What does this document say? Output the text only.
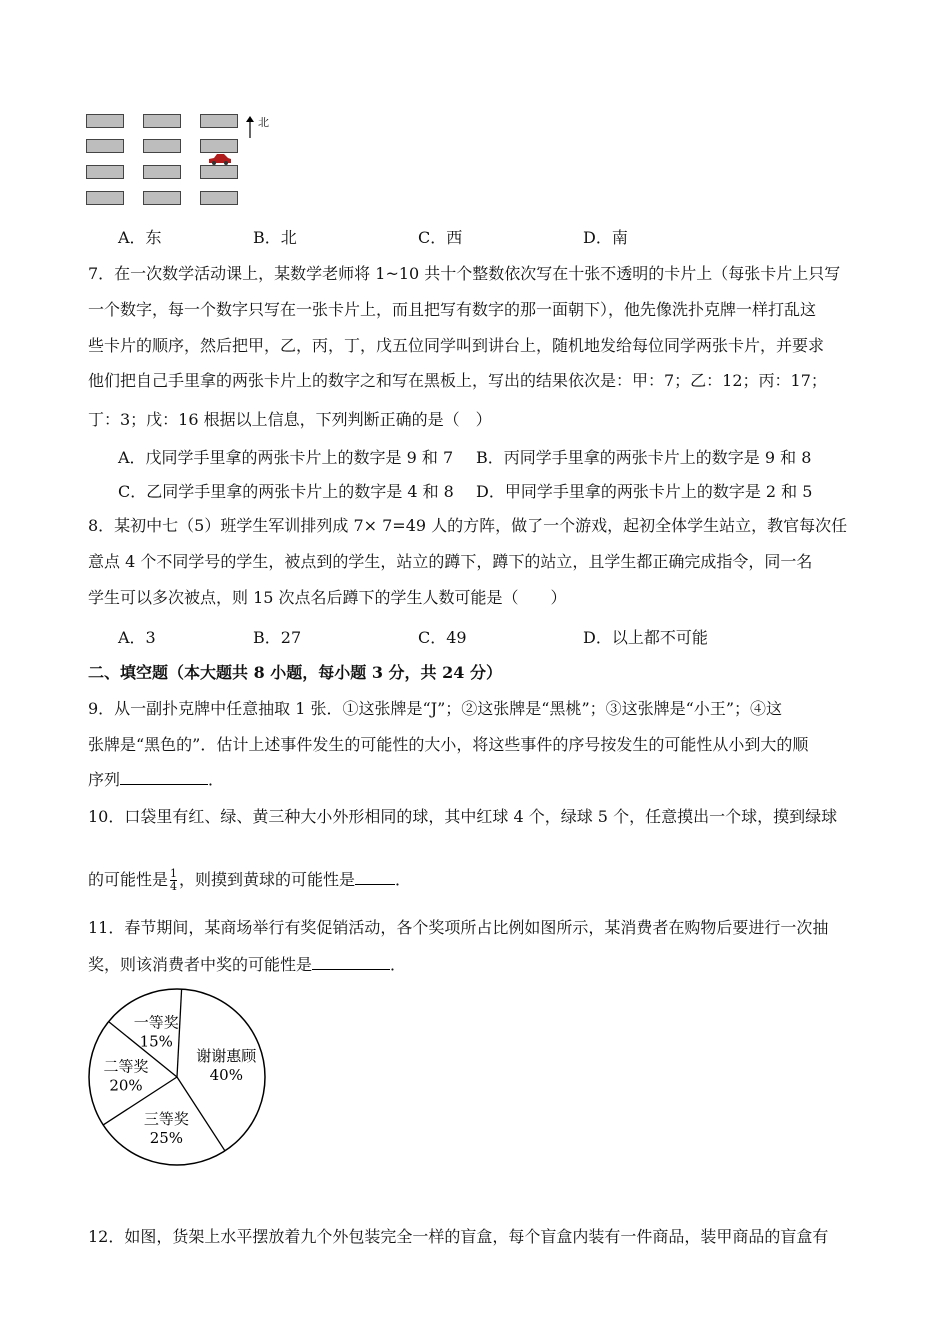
北
A．东	B．北	C．西	D．南
7．在一次数学活动课上，某数学老师将 1~10 共十个整数依次写在十张不透明的卡片上（每张卡片上只写
一个数字，每一个数字只写在一张卡片上，而且把写有数字的那一面朝下），他先像洗扑克牌一样打乱这
些卡片的顺序，然后把甲，乙，丙，丁，戊五位同学叫到讲台上，随机地发给每位同学两张卡片，并要求
他们把自己手里拿的两张卡片上的数字之和写在黑板上，写出的结果依次是：甲：7；乙：12；丙：17；
丁：3；戊：16 根据以上信息，下列判断正确的是（　）
A．戊同学手里拿的两张卡片上的数字是 9 和 7 B．丙同学手里拿的两张卡片上的数字是 9 和 8
C．乙同学手里拿的两张卡片上的数字是 4 和 8 D．甲同学手里拿的两张卡片上的数字是 2 和 5
8．某初中七（5）班学生军训排列成 7× 7=49 人的方阵，做了一个游戏，起初全体学生站立，教官每次任
意点 4 个不同学号的学生，被点到的学生，站立的蹲下，蹲下的站立，且学生都正确完成指令，同一名
学生可以多次被点，则 15 次点名后蹲下的学生人数可能是（　　）
A．3	B．27	C．49	D．以上都不可能
二、填空题（本大题共 8 小题，每小题 3 分，共 24 分）
9．从一副扑克牌中任意抽取 1 张．①这张牌是“J”；②这张牌是“黑桃”；③这张牌是“小王”；④这
张牌是“黑色的”．估计上述事件发生的可能性的大小，将这些事件的序号按发生的可能性从小到大的顺
序列	．
10．口袋里有红、绿、黄三种大小外形相同的球，其中红球 4 个，绿球 5 个，任意摸出一个球，摸到绿球
的可能性是 $\frac{1}{4}$ ，则摸到黄球的可能性是	．
11．春节期间，某商场举行有奖促销活动，各个奖项所占比例如图所示，某消费者在购物后要进行一次抽
奖，则该消费者中奖的可能性是	．
谢谢惠顾
40%
三等奖
25%
二等奖
20%
一等奖
15%
12．如图，货架上水平摆放着九个外包装完全一样的盲盒，每个盲盒内装有一件商品，装甲商品的盲盒有
